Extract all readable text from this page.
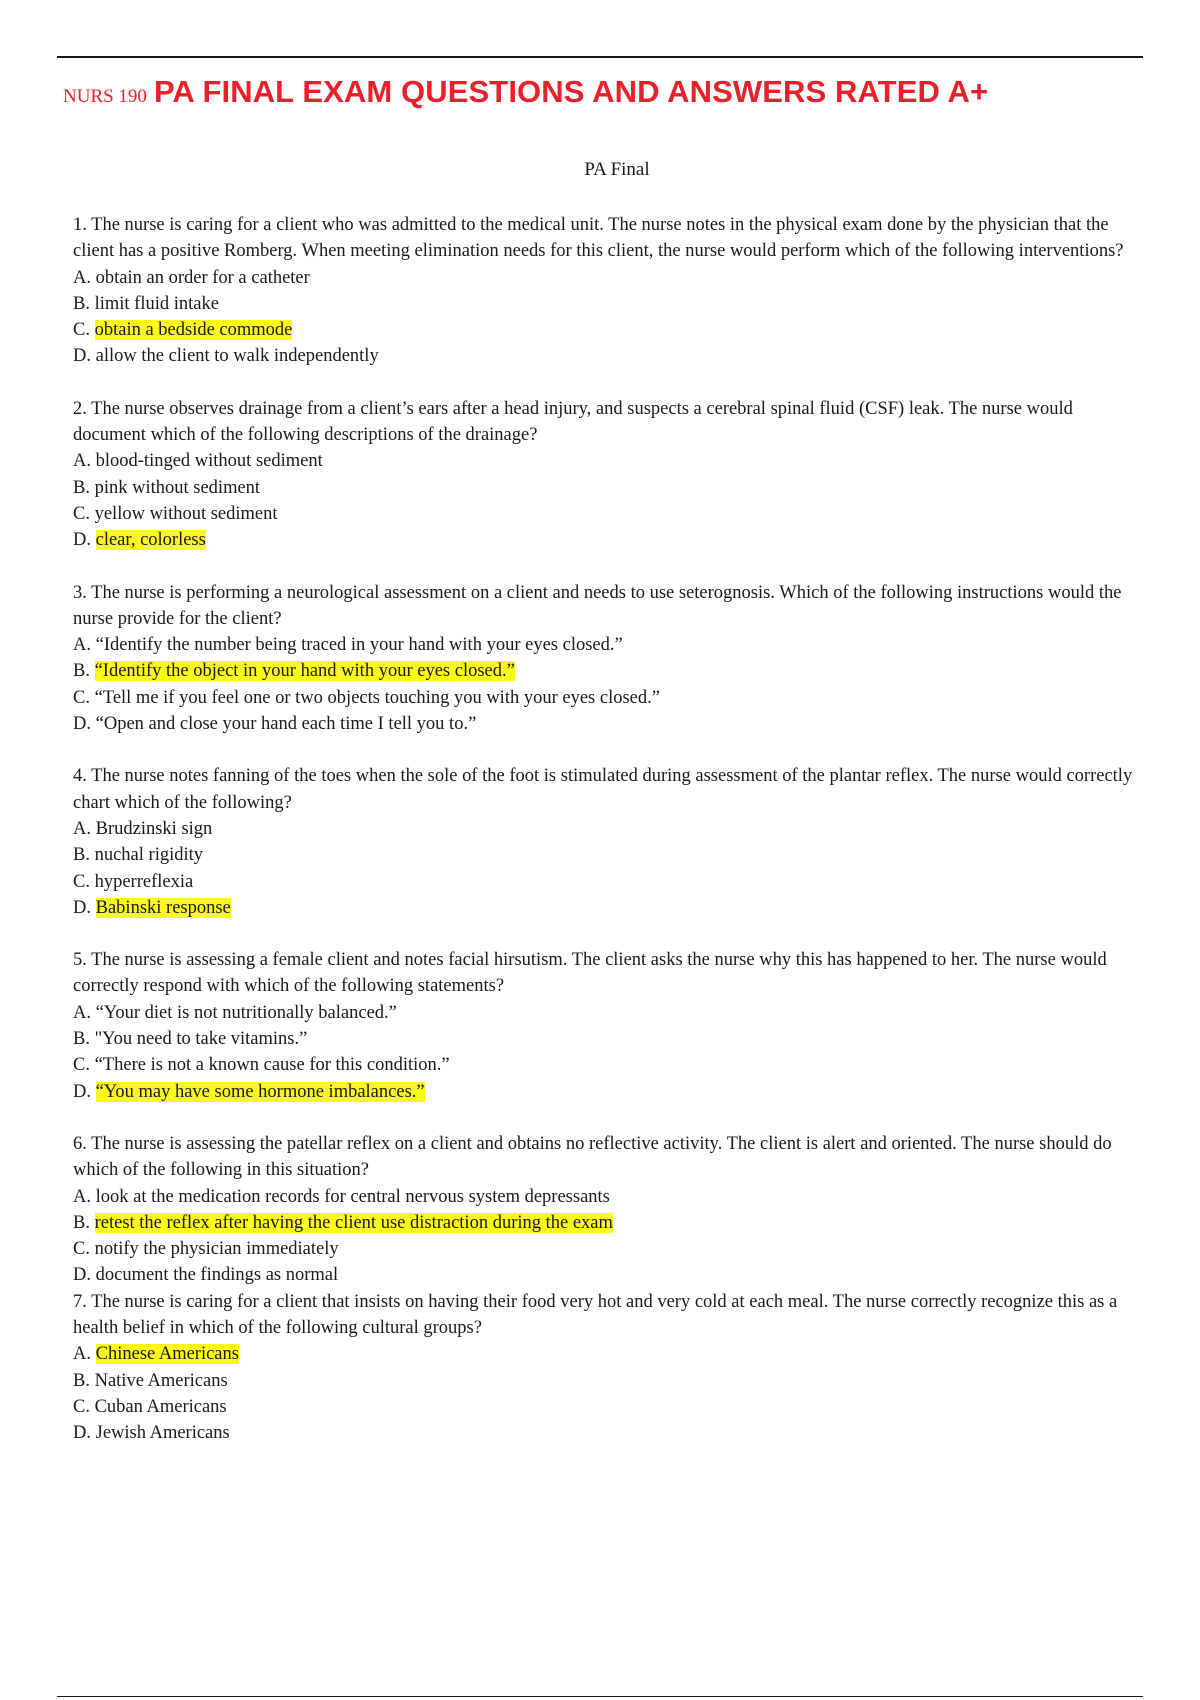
NURS 190 PA FINAL EXAM QUESTIONS AND ANSWERS RATED A+
PA Final

1. The nurse is caring for a client who was admitted to the medical unit. The nurse notes in the physical exam done by the physician that the client has a positive Romberg. When meeting elimination needs for this client, the nurse would perform which of the following interventions?

A. obtain an order for a catheter

B. limit fluid intake

C. obtain a bedside commode

D. allow the client to walk independently

2. The nurse observes drainage from a client’s ears after a head injury, and suspects a cerebral spinal fluid (CSF) leak. The nurse would document which of the following descriptions of the drainage?

A. blood-tinged without sediment

B. pink without sediment

C. yellow without sediment

D. clear, colorless

3. The nurse is performing a neurological assessment on a client and needs to use seterognosis. Which of the following instructions would the nurse provide for the client?

A. “Identify the number being traced in your hand with your eyes closed.”

B. “Identify the object in your hand with your eyes closed.”

C. “Tell me if you feel one or two objects touching you with your eyes closed.”

D. “Open and close your hand each time I tell you to.”

4. The nurse notes fanning of the toes when the sole of the foot is stimulated during assessment of the plantar reflex. The nurse would correctly chart which of the following?

A. Brudzinski sign

B. nuchal rigidity

C. hyperreflexia

D. Babinski response

5. The nurse is assessing a female client and notes facial hirsutism. The client asks the nurse why this has happened to her. The nurse would correctly respond with which of the following statements?

A. “Your diet is not nutritionally balanced.”

B. "You need to take vitamins.”

C. “There is not a known cause for this condition.”

D. “You may have some hormone imbalances.”

6. The nurse is assessing the patellar reflex on a client and obtains no reflective activity. The client is alert and oriented. The nurse should do which of the following in this situation?

A. look at the medication records for central nervous system depressants

B. retest the reflex after having the client use distraction during the exam

C. notify the physician immediately

D. document the findings as normal

7. The nurse is caring for a client that insists on having their food very hot and very cold at each meal. The nurse correctly recognize this as a health belief in which of the following cultural groups?

A. Chinese Americans

B. Native Americans

C. Cuban Americans

D. Jewish Americans
